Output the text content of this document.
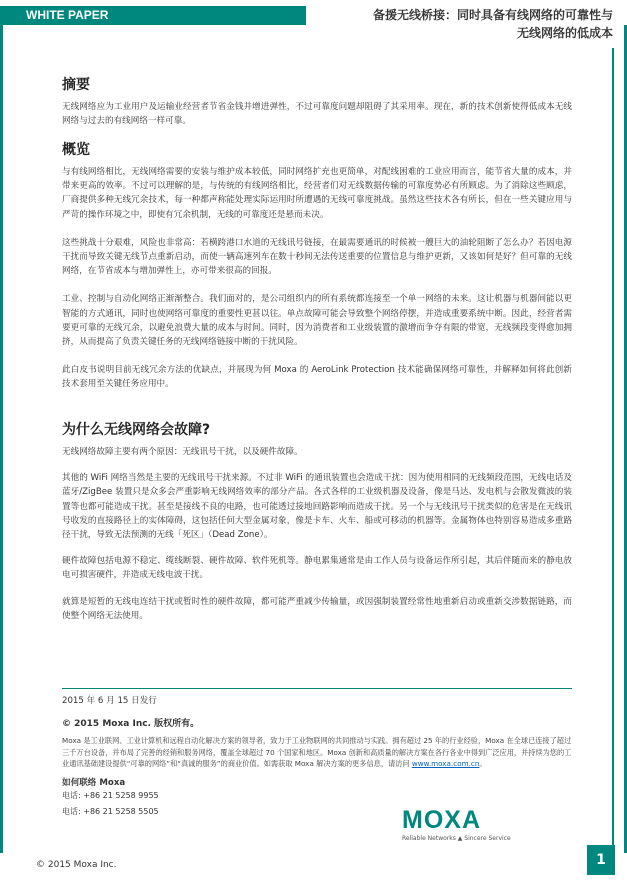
WHITE PAPER	备援无线桥接：同时具备有线网络的可靠性与
无线网络的低成本
摘要

无线网络应为工业用户及运输业经营者节省金钱并增进弹性，不过可靠度问题却阻碍了其采用率。现在，新的技术创新使得低成本无线网络与过去的有线网络一样可靠。

概览

与有线网络相比，无线网络需要的安装与维护成本较低，同时网络扩充也更简单，对配线困难的工业应用而言，能节省大量的成本，并带来更高的效率。不过可以理解的是，与传统的有线网络相比，经营者们对无线数据传输的可靠度势必有所顾虑。为了消除这些顾虑，厂商提供多种无线冗余技术，每一种都声称能处理实际运用时所遭遇的无线可靠度挑战。虽然这些技术各有所长，但在一些关键应用与严苛的操作环境之中，即使有冗余机制，无线的可靠度还是悬而未决。

这些挑战十分艰难，风险也非常高：若横跨港口水道的无线讯号链接，在最需要通讯的时候被一艘巨大的油轮阻断了怎么办？若因电源干扰而导致关键无线节点重新启动，而使一辆高速列车在数十秒间无法传送重要的位置信息与维护更新，又该如何是好？但可靠的无线网络，在节省成本与增加弹性上，亦可带来很高的回报。

工业、控制与自动化网络正渐渐整合。我们面对的，是公司组织内的所有系统都连接至一个单一网络的未来。这让机器与机器间能以更智能的方式通讯，同时也使网络可靠度的重要性更甚以往。单点故障可能会导致整个网络停摆，并造成重要系统中断。因此，经营者需要更可靠的无线冗余，以避免浪费大量的成本与时间。同时，因为消费者和工业级装置的激增而争夺有限的带宽，无线频段变得愈加拥挤，从而提高了负责关键任务的无线网络链接中断的干扰风险。

此白皮书说明目前无线冗余方法的优缺点，并展现为何 Moxa 的 AeroLink Protection 技术能确保网络可靠性，并解释如何将此创新技术套用至关键任务应用中。

为什么无线网络会故障?

无线网络故障主要有两个原因：无线讯号干扰，以及硬件故障。

其他的 WiFi 网络当然是主要的无线讯号干扰来源。不过非 WiFi 的通讯装置也会造成干扰：因为使用相同的无线频段范围，无线电话及蓝牙/ZigBee 装置只是众多会严重影响无线网络效率的部分产品。各式各样的工业级机器及设备，像是马达、发电机与会散发微波的装置等也都可能造成干扰。甚至是接线不良的电路，也可能透过接地回路影响而造成干扰。另一个与无线讯号干扰类似的危害是在无线讯号收发的直接路径上的实体障碍，这包括任何大型金属对象，像是卡车、火车、船或可移动的机器等。金属物体也特别容易造成多重路径干扰，导致无法预测的无线「死区」（Dead Zone）。

硬件故障包括电源不稳定、缆线断裂、硬件故障、软件死机等。静电累集通常是由工作人员与设备运作所引起，其后伴随而来的静电放电可损害硬件，并造成无线电波干扰。

就算是短暂的无线电连结干扰或暂时性的硬件故障，都可能严重减少传输量，或因强制装置经常性地重新启动或重新交涉数据链路，而使整个网络无法使用。

2015 年 6 月 15 日发行
© 2015 Moxa Inc. 版权所有。
Moxa 是工业联网、工业计算机和远程自动化解决方案的领导者，致力于工业物联网的共同推动与实践。拥有超过 25 年的行业经验，Moxa 在全球已连接了超过三千万台设备，并布局了完善的经销和服务网络，覆盖全球超过 70 个国家和地区。Moxa 创新和高质量的解决方案在各行各业中得到广泛应用，并持续为您的工业通讯基础建设提供“可靠的网络”和“真诚的服务”的商业价值。如需获取 Moxa 解决方案的更多信息，请访问 www.moxa.com.cn。
如何联络 Moxa
电话: +86 21 5258 9955
电话: +86 21 5258 5505	MOXA
Reliable Networks ▲ Sincere Service
© 2015 Moxa Inc.	1
